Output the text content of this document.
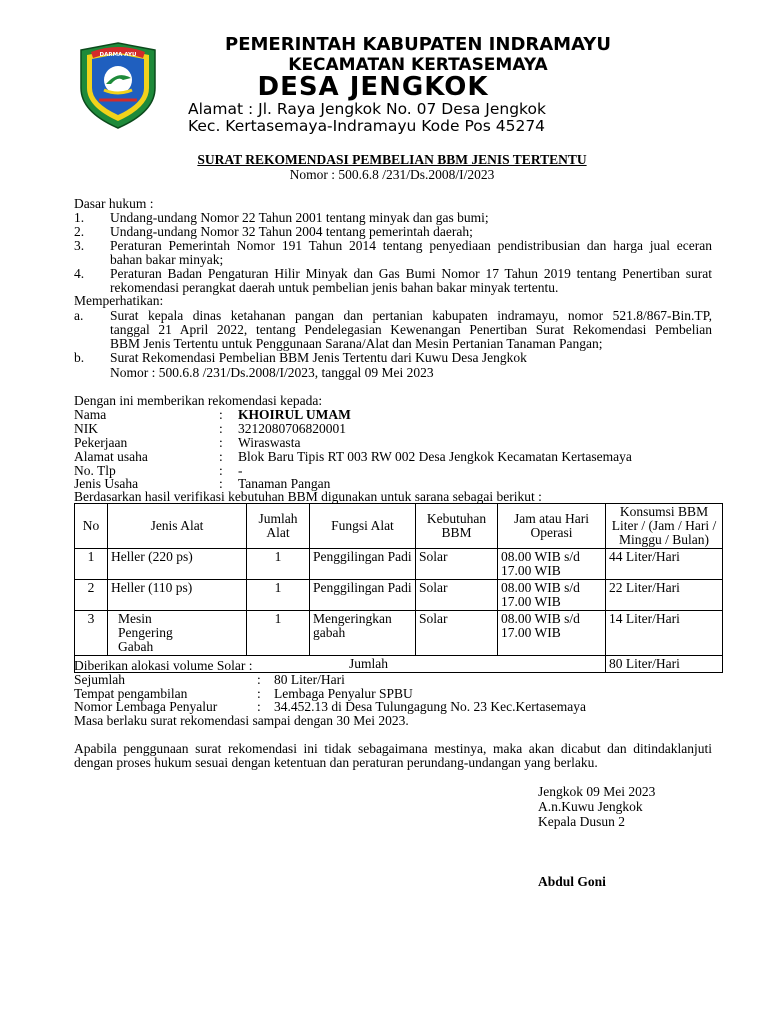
DARMA AYU	PEMERINTAH KABUPATEN INDRAMAYU
KECAMATAN KERTASEMAYA
DESA JENGKOK
Alamat : Jl. Raya Jengkok No. 07 Desa Jengkok
Kec. Kertasemaya-Indramayu Kode Pos 45274
SURAT REKOMENDASI PEMBELIAN BBM JENIS TERTENTU
Nomor : 500.6.8 /231/Ds.2008/I/2023
Dasar hukum :
1. Undang-undang Nomor 22 Tahun 2001 tentang minyak dan gas bumi;
2. Undang-undang Nomor 32 Tahun 2004 tentang pemerintah daerah;
3. Peraturan Pemerintah Nomor 191 Tahun 2014 tentang penyediaan pendistribusian dan harga jual eceran
bahan bakar minyak;
4. Peraturan Badan Pengaturan Hilir Minyak dan Gas Bumi Nomor 17 Tahun 2019 tentang Penertiban surat
rekomendasi perangkat daerah untuk pembelian jenis bahan bakar minyak tertentu.
Memperhatikan:
a. Surat kepala dinas ketahanan pangan dan pertanian kabupaten indramayu, nomor 521.8/867-Bin.TP,
tanggal 21 April 2022, tentang Pendelegasian Kewenangan Penertiban Surat Rekomendasi Pembelian
BBM Jenis Tertentu untuk Penggunaan Sarana/Alat dan Mesin Pertanian Tanaman Pangan;
b. Surat Rekomendasi Pembelian BBM Jenis Tertentu dari Kuwu Desa Jengkok
Nomor : 500.6.8 /231/Ds.2008/I/2023, tanggal 09 Mei 2023
Dengan ini memberikan rekomendasi kepada:
Nama	: KHOIRUL UMAM
NIK	: 3212080706820001
Pekerjaan	: Wiraswasta
Alamat usaha	: Blok Baru Tipis RT 003 RW 002 Desa Jengkok Kecamatan Kertasemaya
No. Tlp	: -
Jenis Usaha	: Tanaman Pangan
Berdasarkan hasil verifikasi kebutuhan BBM digunakan untuk sarana sebagai berikut :
No	Jenis Alat	Jumlah Alat	Fungsi Alat	Kebutuhan BBM	Jam atau Hari Operasi	Konsumsi BBM Liter / (Jam / Hari / Minggu / Bulan)
1	Heller (220 ps)	1	Penggilingan Padi	Solar	08.00 WIB s/d 17.00 WIB	44 Liter/Hari
2	Heller (110 ps)	1	Penggilingan Padi	Solar	08.00 WIB s/d 17.00 WIB	22 Liter/Hari
3	Mesin Pengering Gabah	1	Mengeringkan gabah	Solar	08.00 WIB s/d 17.00 WIB	14 Liter/Hari
Jumlah						80 Liter/Hari
Diberikan alokasi volume Solar :
Sejumlah	: 80 Liter/Hari
Tempat pengambilan	: Lembaga Penyalur SPBU
Nomor Lembaga Penyalur	: 34.452.13 di Desa Tulungagung No. 23 Kec.Kertasemaya
Masa berlaku surat rekomendasi sampai dengan 30 Mei 2023.
Apabila penggunaan surat rekomendasi ini tidak sebagaimana mestinya, maka akan dicabut dan ditindaklanjuti
dengan proses hukum sesuai dengan ketentuan dan peraturan perundang-undangan yang berlaku.
Jengkok 09 Mei 2023
A.n.Kuwu Jengkok
Kepala Dusun 2
Abdul Goni
